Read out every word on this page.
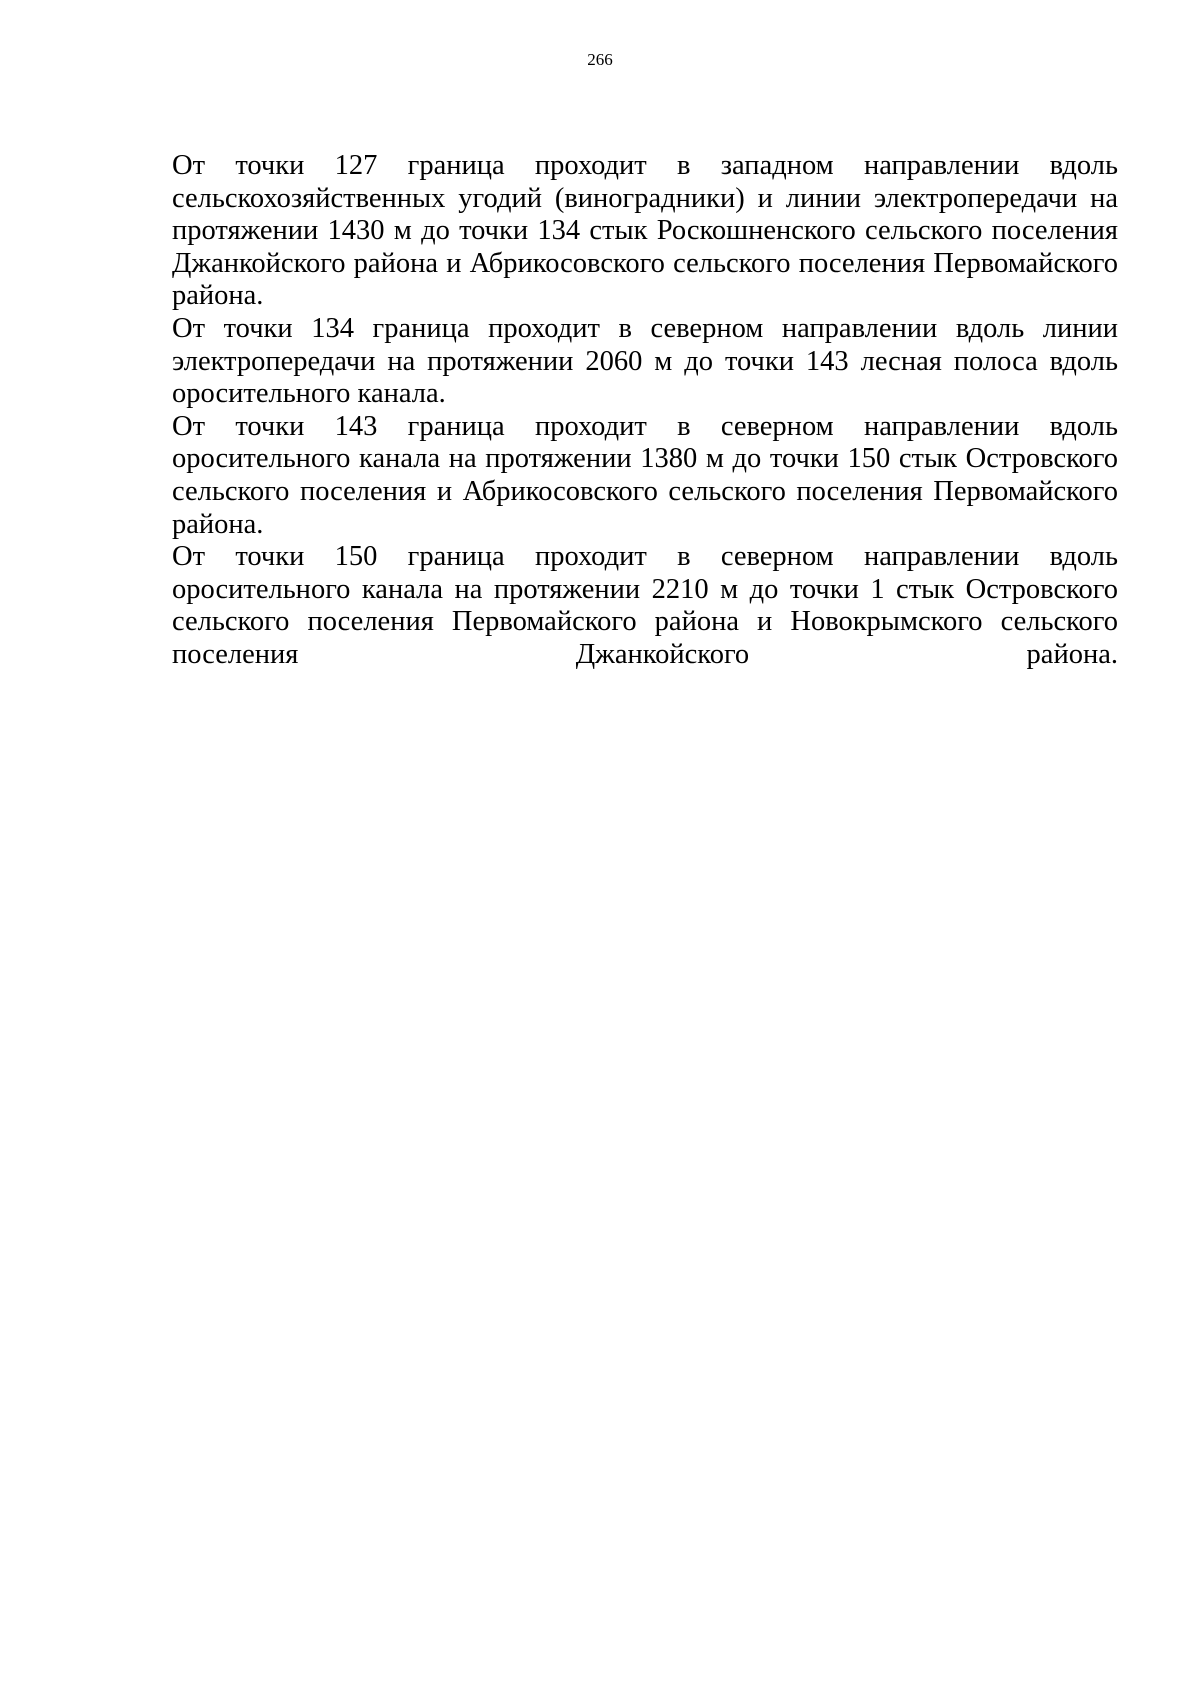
266

От точки 127 граница проходит в западном направлении вдоль сельскохозяйственных угодий (виноградники) и линии электропередачи на протяжении 1430 м до точки 134 стык Роскошненского сельского поселения Джанкойского района и Абрикосовского сельского поселения Первомайского района.

От точки 134 граница проходит в северном направлении вдоль линии электропередачи на протяжении 2060 м до точки 143 лесная полоса вдоль оросительного канала.

От точки 143 граница проходит в северном направлении вдоль оросительного канала на протяжении 1380 м до точки 150 стык Островского сельского поселения и Абрикосовского сельского поселения Первомайского района.

От точки 150 граница проходит в северном направлении вдоль оросительного канала на протяжении 2210 м до точки 1 стык Островского сельского поселения Первомайского района и Новокрымского сельского поселения Джанкойского района.
